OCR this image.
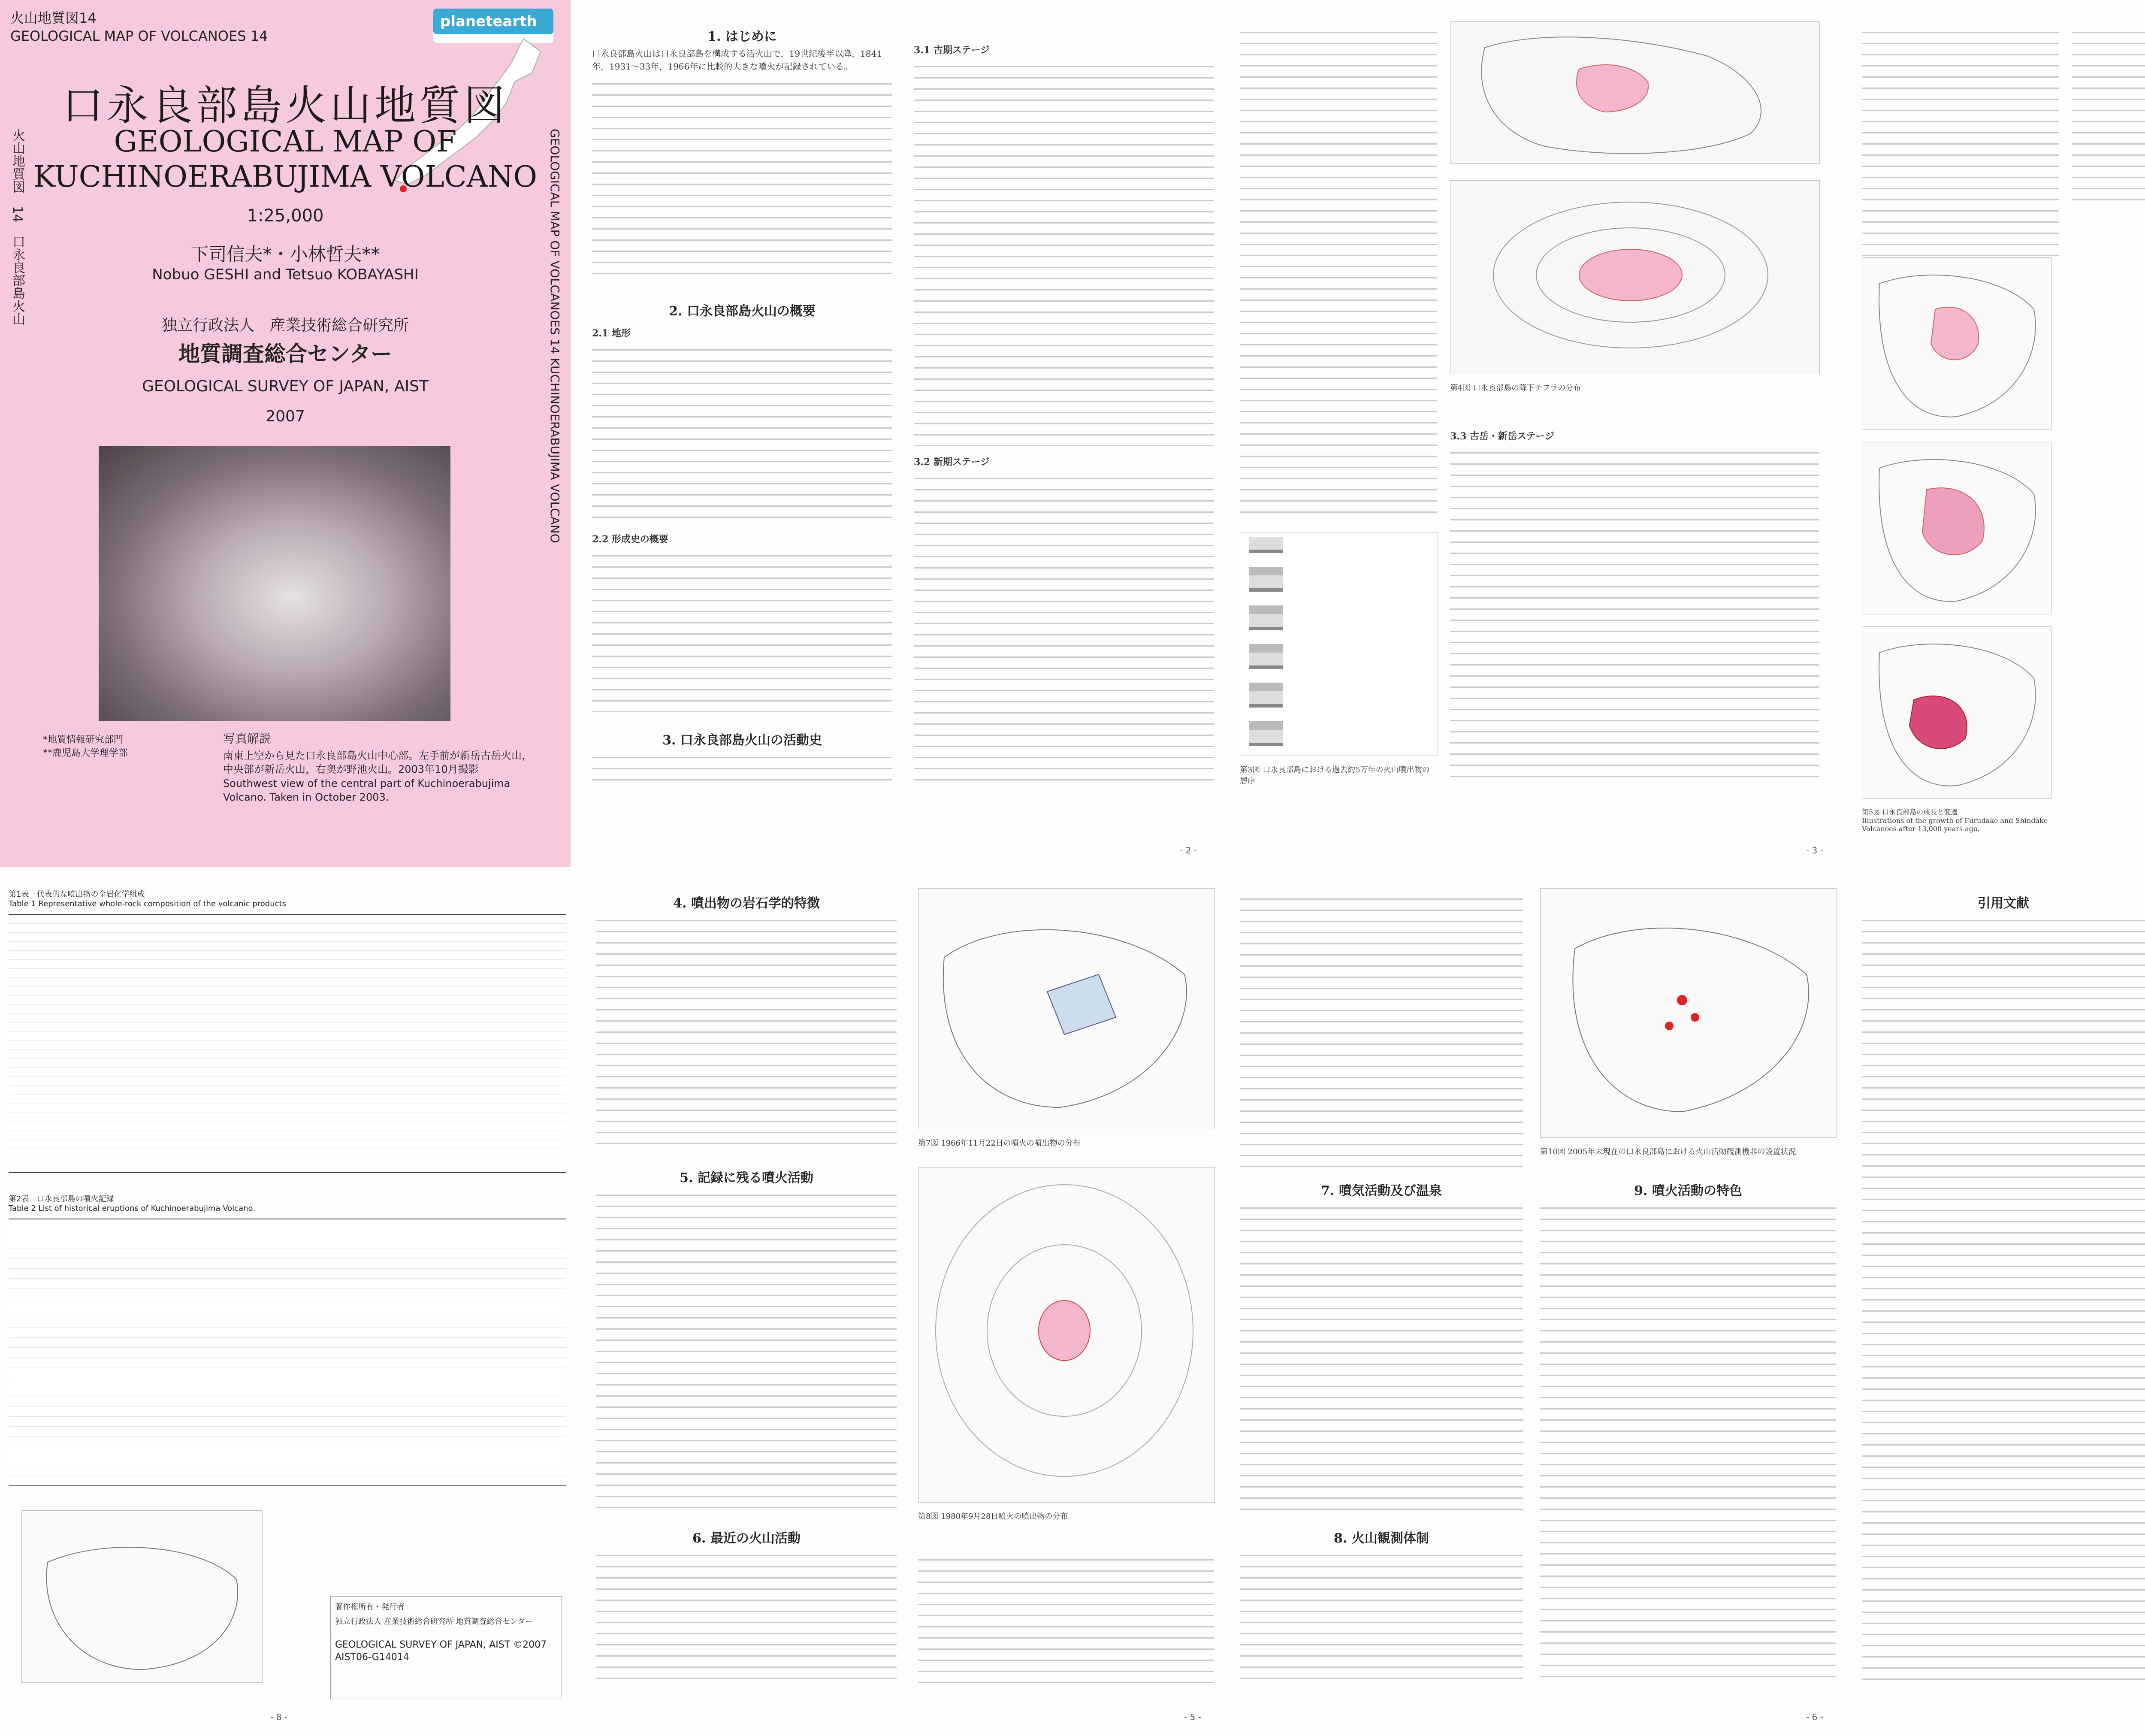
火山地質図14
GEOLOGICAL MAP OF VOLCANOES 14
planetearth
口永良部島火山地質図
GEOLOGICAL MAP OF
KUCHINOERABUJIMA VOLCANO
1:25,000
下司信夫*・小林哲夫**
Nobuo GESHI and Tetsuo KOBAYASHI
独立行政法人　産業技術総合研究所
地質調査総合センター
GEOLOGICAL SURVEY OF JAPAN, AIST
2007
*地質情報研究部門
**鹿児島大学理学部
写真解説
南東上空から見た口永良部島火山中心部。左手前が新岳古岳火山，中央部が新岳火山，右奥が野池火山。2003年10月撮影
Southwest view of the central part of Kuchinoerabujima Volcano. Taken in October 2003.
GEOLOGICAL MAP OF VOLCANOES 14 KUCHINOERABUJIMA VOLCANO
火山地質図　14　口永良部島火山
1. はじめに
口永良部島火山は口永良部島を構成する活火山で，19世紀後半以降，1841年，1931〜33年，1966年に比較的大きな噴火が記録されている。
2. 口永良部島火山の概要
2.1 地形
2.2 形成史の概要
3. 口永良部島火山の活動史
3.1 古期ステージ
3.2 新期ステージ
- 2 -
第3図 口永良部島における過去約5万年の火山噴出物の層序
第4図 口永良部島の降下テフラの分布
3.3 古岳・新岳ステージ
- 3 -
第5図 口永良部島の成長と変遷
Illustrations of the growth of Furudake and Shindake Volcanoes after 13,000 years ago.
第1表　代表的な噴出物の全岩化学組成
Table 1 Representative whole-rock composition of the volcanic products
第2表　口永良部島の噴火記録
Table 2 List of historical eruptions of Kuchinoerabujima Volcano.
著作権所有・発行者
独立行政法人 産業技術総合研究所 地質調査総合センター
GEOLOGICAL SURVEY OF JAPAN, AIST ©2007
AIST06-G14014
- 8 -
4. 噴出物の岩石学的特徴
5. 記録に残る噴火活動
6. 最近の火山活動
第7図 1966年11月22日の噴火の噴出物の分布
第8図 1980年9月28日噴火の噴出物の分布
- 5 -
7. 噴気活動及び温泉
8. 火山観測体制
第10図 2005年末現在の口永良部島における火山活動観測機器の設置状況
9. 噴火活動の特色
- 6 -
引用文献
